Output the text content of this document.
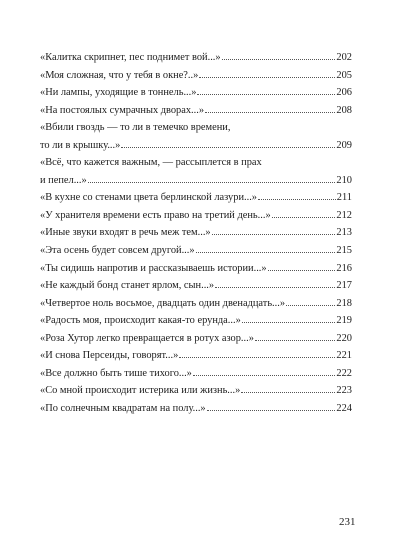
«Калитка скрипнет, пес поднимет вой...»	202
«Моя сложная, что у тебя в окне?..»	205
«Ни лампы, уходящие в тоннель...»	206
«На постоялых сумрачных дворах...»	208
«Вбили гвоздь — то ли в темечко времени,
то ли в крышку...»	209
«Всё, что кажется важным, — рассыплется в прах
и пепел...»	210
«В кухне со стенами цвета берлинской лазури...»	211
«У хранителя времени есть право на третий день...»	212
«Иные звуки входят в речь меж тем...»	213
«Эта осень будет совсем другой...»	215
«Ты сидишь напротив и рассказываешь истории...»	216
«Не каждый бонд станет ярлом, сын...»	217
«Четвертое ноль восьмое, двадцать один двенадцать...»	218
«Радость моя, происходит какая-то ерунда...»	219
«Роза Хутор легко превращается в ротух азор...»	220
«И снова Персеиды, говорят...»	221
«Все должно быть тише тихого...»	222
«Со мной происходит истерика или жизнь...»	223
«По солнечным квадратам на полу...»	224
231
